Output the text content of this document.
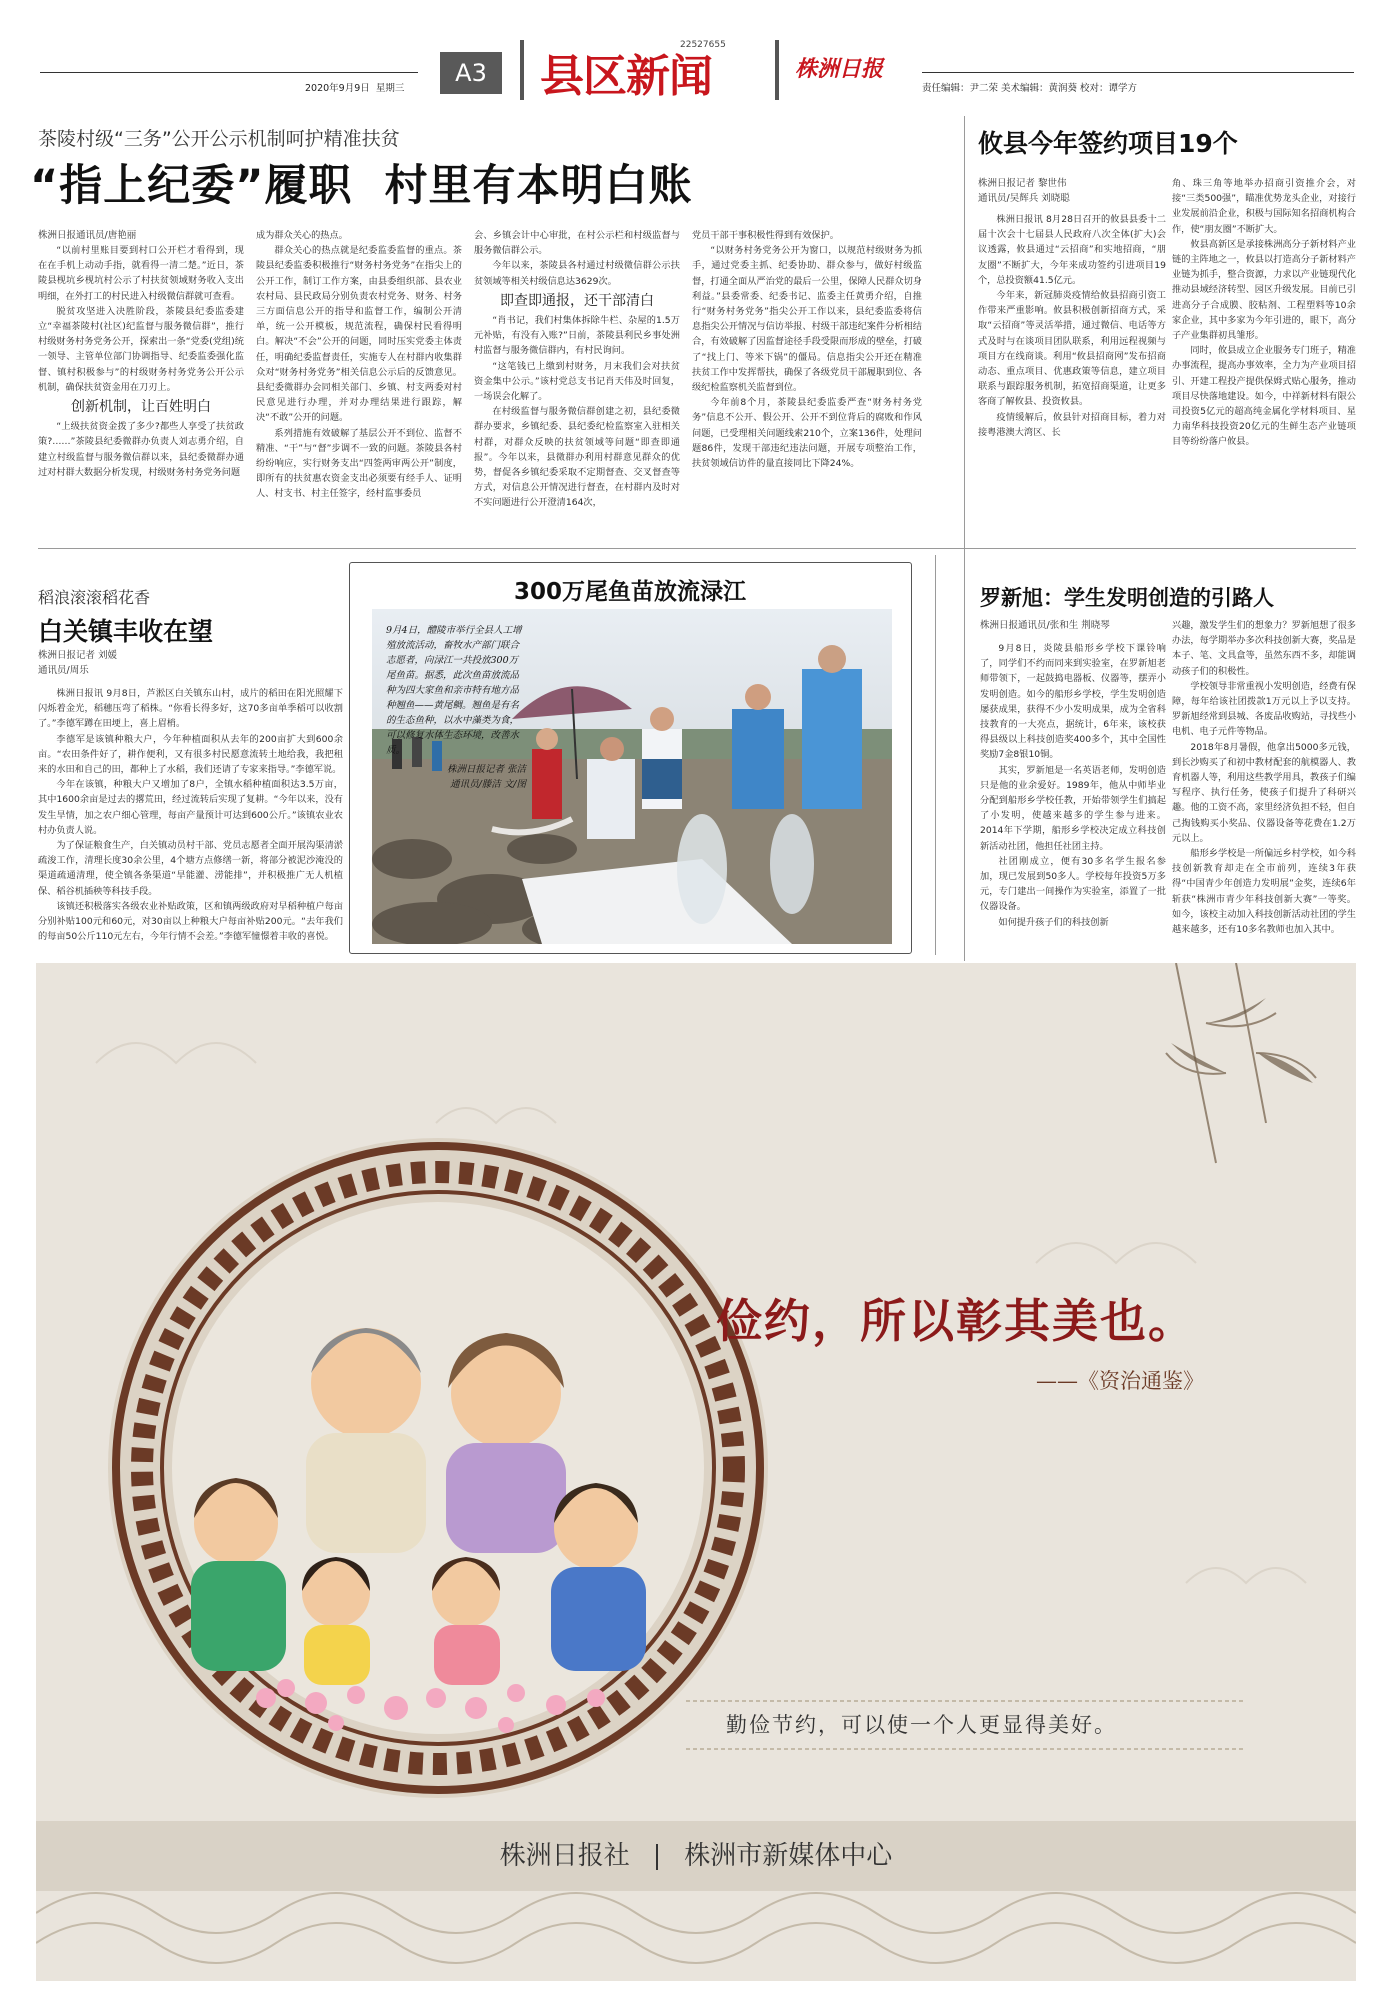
2020年9月9日 星期三
A3	县区新闻
22527655
株洲日报
责任编辑：尹二荣 美术编辑：黄润葵 校对：谭学方
茶陵村级“三务”公开公示机制呵护精准扶贫
“指上纪委”履职  村里有本明白账
株洲日报通讯员/唐艳丽

“以前村里账目要到村口公开栏才看得到，现在在手机上动动手指，就看得一清二楚。”近日，茶陵县枧坑乡枧坑村公示了村扶贫领域财务收入支出明细，在外打工的村民进入村级微信群就可查看。

脱贫攻坚进入决胜阶段，茶陵县纪委监委建立“幸福茶陵村(社区)纪监督与服务微信群”，推行村级财务村务党务公开，探索出一条“党委(党组)统一领导、主管单位部门协调指导、纪委监委强化监督、镇村积极参与”的村级财务村务党务公开公示机制，确保扶贫资金用在刀刃上。

创新机制，让百姓明白

“上级扶贫资金拨了多少?都些人享受了扶贫政策?……”茶陵县纪委微群办负责人刘志勇介绍，自建立村级监督与服务微信群以来，县纪委微群办通过对村群大数据分析发现，村级财务村务党务问题

成为群众关心的热点。

群众关心的热点就是纪委监委监督的重点。茶陵县纪委监委积极推行“财务村务党务”在指尖上的公开工作，制订工作方案，由县委组织部、县农业农村局、县民政局分别负责农村党务、财务、村务三方面信息公开的指导和监督工作，编制公开清单，统一公开模板，规范流程，确保村民看得明白。解决“不会”公开的问题，同时压实党委主体责任，明确纪委监督责任，实施专人在村群内收集群众对“财务村务党务”相关信息公示后的反馈意见。县纪委微群办会同相关部门、乡镇、村支两委对村民意见进行办理，并对办理结果进行跟踪，解决“不敢”公开的问题。

系列措施有效破解了基层公开不到位、监督不精准、“干”与“督”步调不一致的问题。茶陵县各村纷纷响应，实行财务支出“四签两审两公开”制度，即所有的扶贫惠农资金支出必须要有经手人、证明人、村支书、村主任签字，经村监事委员

会、乡镇会计中心审批，在村公示栏和村级监督与服务微信群公示。

今年以来，茶陵县各村通过村级微信群公示扶贫领域等相关村级信息达3629次。

即查即通报，还干部清白

“肖书记，我们村集体拆除牛栏、杂屋的1.5万元补贴，有没有入账?”日前，茶陵县利民乡事处洲村监督与服务微信群内，有村民询问。

“这笔钱已上缴到村财务，月末我们会对扶贫资金集中公示。”该村党总支书记肖天伟及时回复，一场误会化解了。

在村级监督与服务微信群创建之初，县纪委微群办要求，乡镇纪委、县纪委纪检监察室入驻相关村群，对群众反映的扶贫领域等问题“即查即通报”。今年以来，县微群办利用村群意见群众的优势，督促各乡镇纪委采取不定期督查、交叉督查等方式，对信息公开情况进行督查，在村群内及时对不实问题进行公开澄清164次，

党员干部干事积极性得到有效保护。

“以财务村务党务公开为窗口，以规范村级财务为抓手，通过党委主抓、纪委协助、群众参与，做好村级监督，打通全面从严治党的最后一公里，保障人民群众切身利益。”县委常委、纪委书记、监委主任黄勇介绍，自推行“财务村务党务”指尖公开工作以来，县纪委监委将信息指尖公开情况与信访举报、村级干部违纪案件分析相结合，有效破解了因监督途径手段受限而形成的壁垒，打破了“找上门、等米下锅”的僵局。信息指尖公开还在精准扶贫工作中发挥帮扶，确保了各级党员干部履职到位、各级纪检监察机关监督到位。

今年前8个月，茶陵县纪委监委严查“财务村务党务”信息不公开、假公开、公开不到位背后的腐败和作风问题，已受理相关问题线索210个，立案136件，处理问题86件，发现干部违纪违法问题，开展专项整治工作，扶贫领域信访件的量直接同比下降24%。

攸县今年签约项目19个
株洲日报记者 黎世伟
通讯员/吴辉兵 刘晓聪

株洲日报讯 8月28日召开的攸县县委十二届十次会十七届县人民政府八次全体(扩大)会议透露，攸县通过“云招商”和实地招商，“朋友圈”不断扩大，今年来成功签约引进项目19个，总投资额41.5亿元。

今年来，新冠肺炎疫情给攸县招商引资工作带来严重影响。攸县积极创新招商方式，采取“云招商”等灵活举措，通过微信、电话等方式及时与在谈项目团队联系，利用远程视频与项目方在线商谈。利用“攸县招商网”发布招商动态、重点项目、优惠政策等信息，建立项目联系与跟踪服务机制，拓宽招商渠道，让更多客商了解攸县、投资攸县。

疫情缓解后，攸县针对招商目标，着力对接粤港澳大湾区、长

角、珠三角等地举办招商引资推介会，对接“三类500强”，瞄准优势龙头企业，对接行业发展前沿企业，积极与国际知名招商机构合作，使“朋友圈”不断扩大。

攸县高新区是承接株洲高分子新材料产业链的主阵地之一，攸县以打造高分子新材料产业链为抓手，整合资源，力求以产业链现代化推动县域经济转型、园区升级发展。目前已引进高分子合成膜、胶粘剂、工程塑料等10余家企业，其中多家为今年引进的，眼下，高分子产业集群初具雏形。

同时，攸县成立企业服务专门班子，精准办事流程，提高办事效率，全力为产业项目招引、开建工程投产提供保姆式贴心服务，推动项目尽快落地建设。如今，中祥新材料有限公司投资5亿元的超高纯金属化学材料项目、星力南华科技投资20亿元的生鲜生态产业链项目等纷纷落户攸县。

稻浪滚滚稻花香
白关镇丰收在望
株洲日报记者 刘媛
通讯员/周乐

株洲日报讯 9月8日，芦淞区白关镇东山村，成片的稻田在阳光照耀下闪烁着金光，稻穗压弯了稻株。“你看长得多好，这70多亩单季稻可以收割了。”李德军蹲在田埂上，喜上眉梢。

李德军是该镇种粮大户，今年种植面积从去年的200亩扩大到600余亩。“农田条件好了，耕作便利，又有很多村民愿意流转土地给我，我把租来的水田和自己的田，都种上了水稻，我们还请了专家来指导。”李德军说。

今年在该镇，种粮大户又增加了8户，全镇水稻种植面积达3.5万亩，其中1600余亩是过去的撂荒田，经过流转后实现了复耕。“今年以来，没有发生旱情，加之农户细心管理，每亩产量预计可达到600公斤。”该镇农业农村办负责人说。

为了保证粮食生产，白关镇动员村干部、党员志愿者全面开展沟渠清淤疏浚工作，清理长度30余公里，4个塘方点修缮一新，将部分被泥沙淹没的渠道疏通清理，使全镇各条渠道“旱能灌、涝能排”，并积极推广无人机植保、稻谷机插秧等科技手段。

该镇还积极落实各级农业补贴政策，区和镇两级政府对早稻种植户每亩分别补贴100元和60元，对30亩以上种粮大户每亩补贴200元。“去年我们的每亩50公斤110元左右，今年行情不会差。”李德军憧憬着丰收的喜悦。

300万尾鱼苗放流渌江
9月4日，醴陵市举行全县人工增殖放流活动，畜牧水产部门联合志愿者，向渌江一共投放300万尾鱼苗。据悉，此次鱼苗放流品种为四大家鱼和亲市特有地方品种翘鱼——黄尾鲷。翘鱼是有名的生态鱼种，以水中藻类为食，可以修复水体生态环境，改善水质。
株洲日报记者 张洁
通讯员/滕洁 文/图
罗新旭：学生发明创造的引路人
株洲日报通讯员/张和生 荆晓琴

9月8日，炎陵县船形乡学校下课铃响了，同学们不约而同来到实验室，在罗新旭老师带领下，一起鼓捣电器板、仪器等，摆弄小发明创造。如今的船形乡学校，学生发明创造屡获成果，获得不少小发明成果，成为全省科技教育的一大亮点，据统计，6年来，该校获得县级以上科技创造奖400多个，其中全国性奖励7金8银10铜。

其实，罗新旭是一名英语老师，发明创造只是他的业余爱好。1989年，他从中师毕业分配到船形乡学校任教，开始带领学生们搞起了小发明，使越来越多的学生参与进来。2014年下学期，船形乡学校决定成立科技创新活动社团，他担任社团主持。

社团刚成立，便有30多名学生报名参加，现已发展到50多人。学校每年投资5万多元，专门建出一间操作为实验室，添置了一批仪器设备。

如何提升孩子们的科技创新

兴趣，激发学生们的想象力？罗新旭想了很多办法，每学期举办多次科技创新大赛，奖品是本子、笔、文具盒等，虽然东西不多，却能调动孩子们的积极性。

学校领导非常重视小发明创造，经费有保障，每年给该社团拨款1万元以上予以支持。罗新旭经常到县城、各废品收购站，寻找些小电机、电子元件等物品。

2018年8月暑假，他拿出5000多元钱，到长沙购买了和初中教材配套的航模器人、教育机器人等，利用这些教学用具，教孩子们编写程序、执行任务，使孩子们提升了科研兴趣。他的工资不高，家里经济负担不轻，但自己掏钱购买小奖品、仪器设备等花费在1.2万元以上。

船形乡学校是一所偏远乡村学校，如今科技创新教育却走在全市前列，连续3年获得“中国青少年创造力发明展”金奖，连续6年斩获“株洲市青少年科技创新大赛”一等奖。如今，该校主动加入科技创新活动社团的学生越来越多，还有10多名教师也加入其中。

俭约，所以彰其美也。
——《资治通鉴》
勤俭节约，可以使一个人更显得美好。
株洲日报社 株洲市新媒体中心
